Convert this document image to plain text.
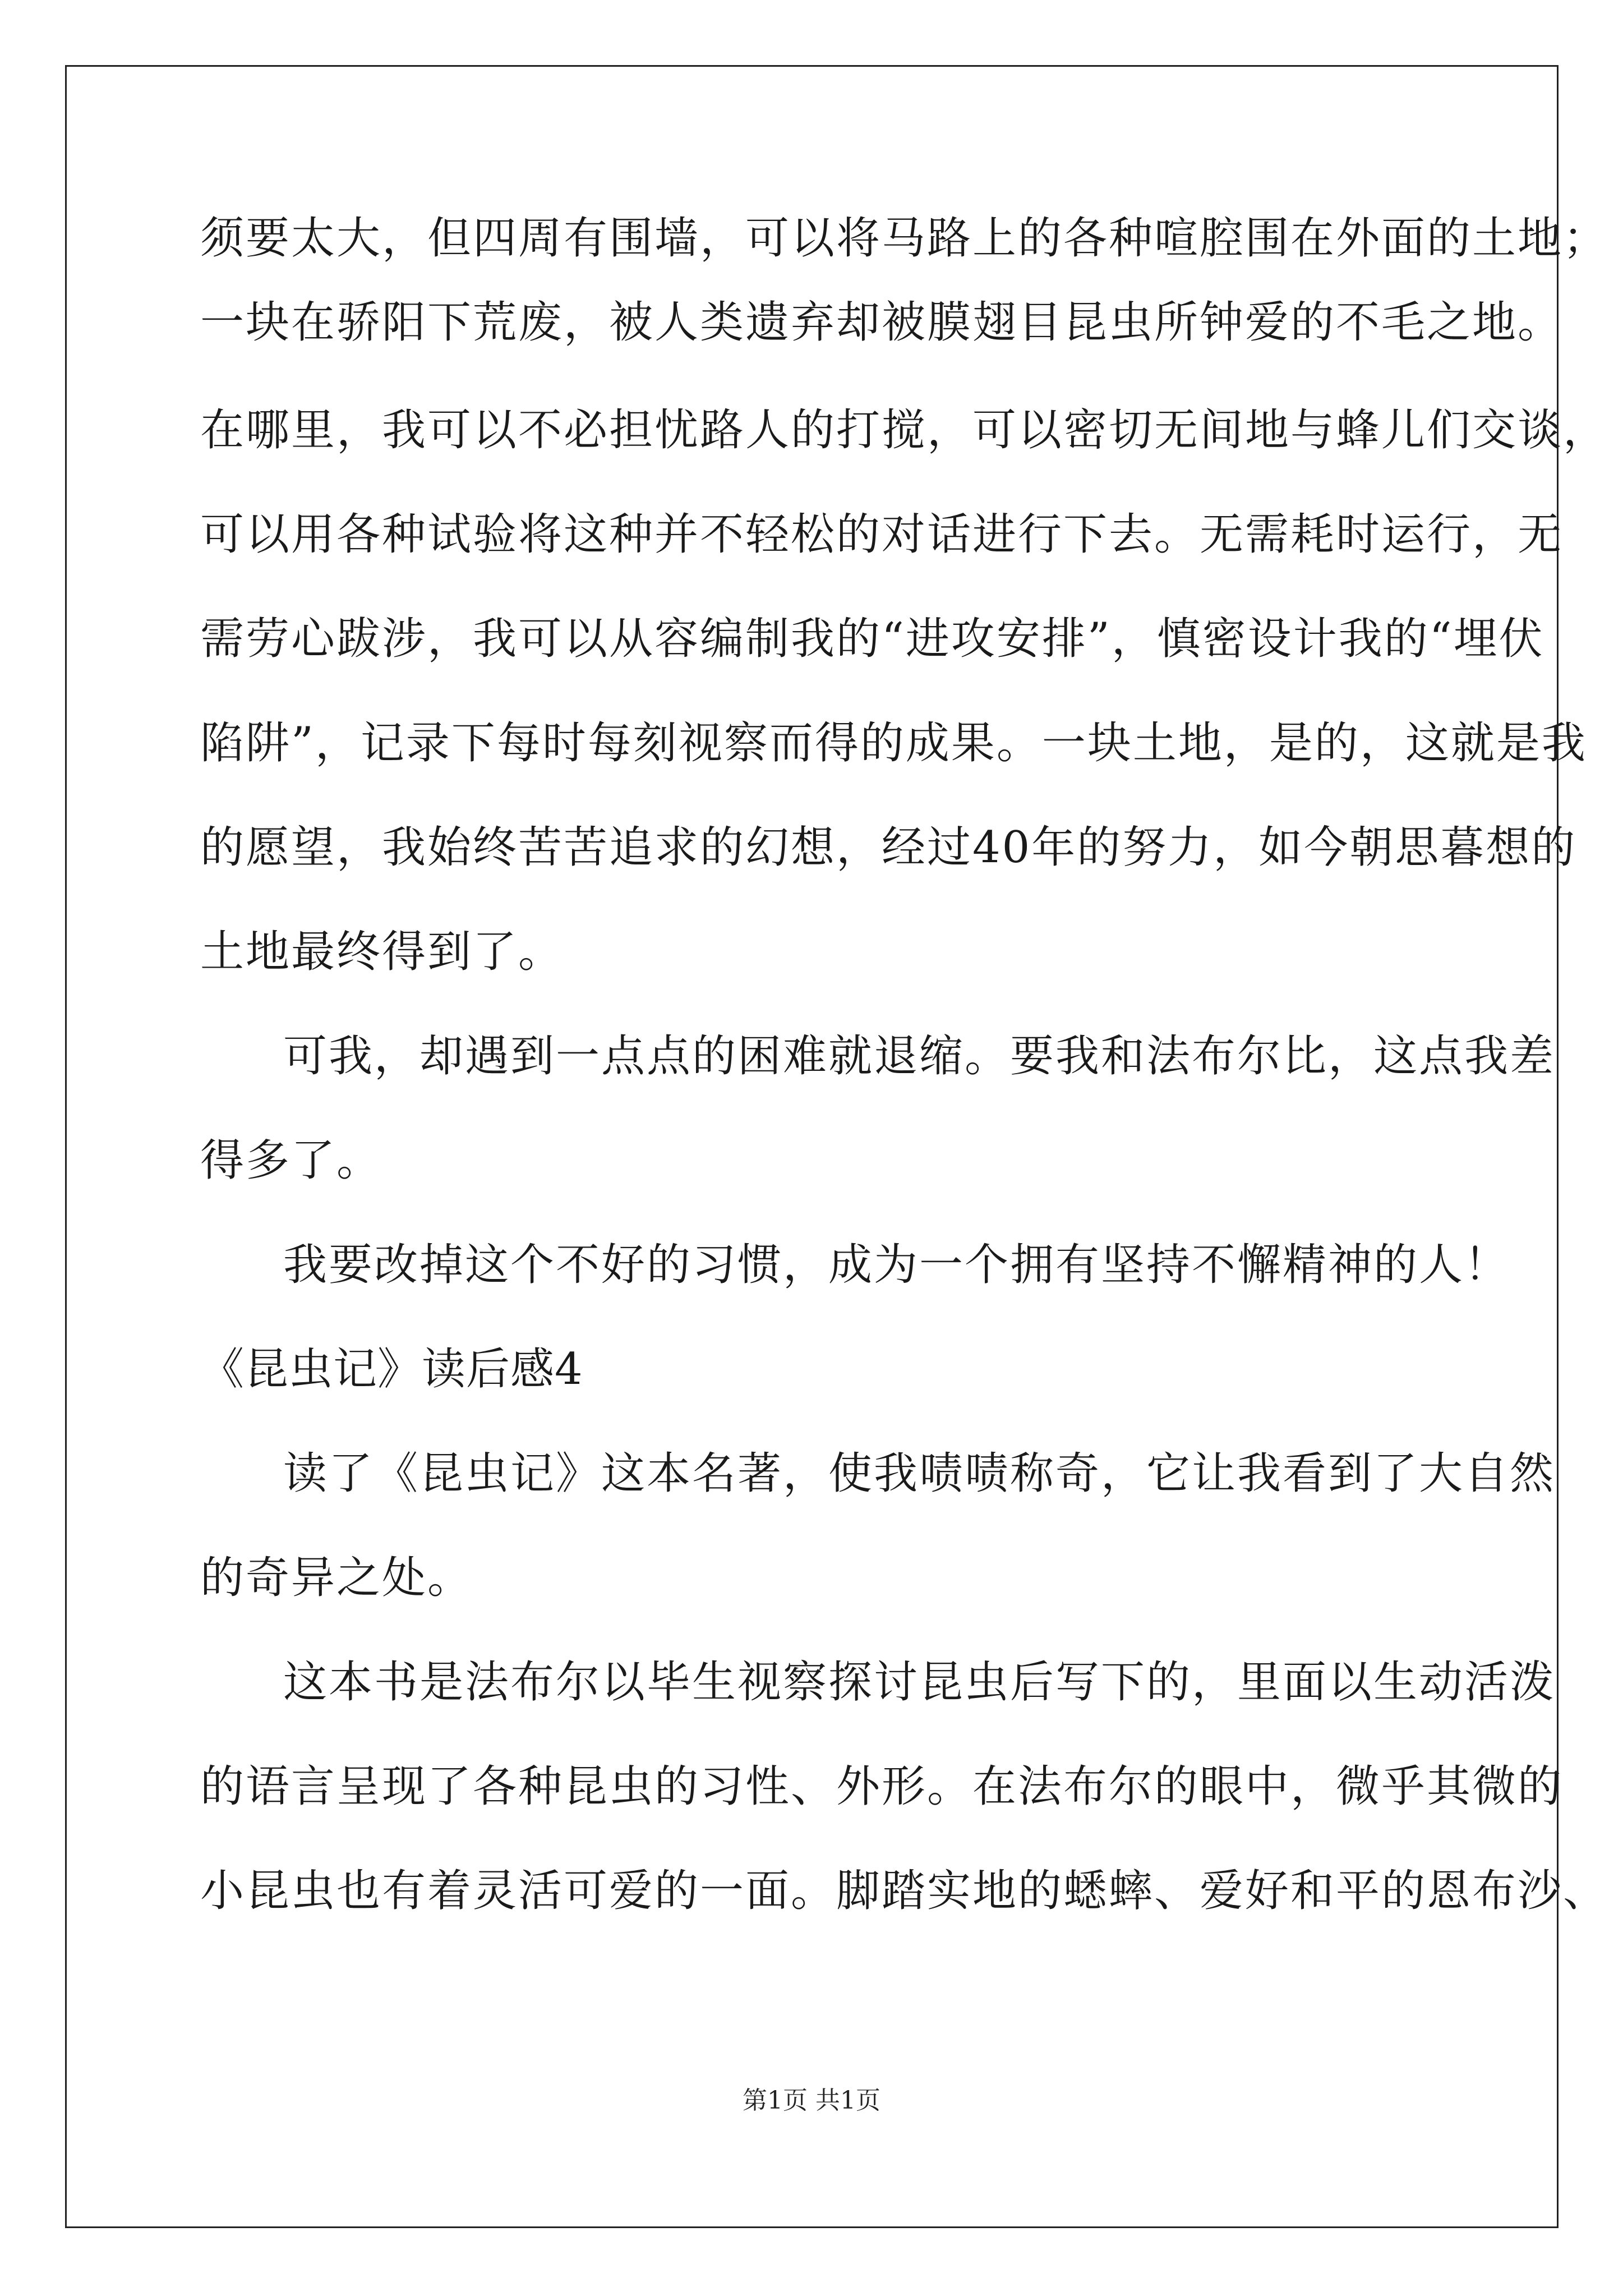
须要太大，但四周有围墙，可以将马路上的各种喧腔围在外面的土地；
一块在骄阳下荒废，被人类遗弃却被膜翅目昆虫所钟爱的不毛之地。
在哪里，我可以不必担忧路人的打搅，可以密切无间地与蜂儿们交谈，
可以用各种试验将这种并不轻松的对话进行下去。无需耗时运行，无
需劳心跋涉，我可以从容编制我的“进攻安排”，慎密设计我的“埋伏
陷阱”，记录下每时每刻视察而得的成果。一块土地，是的，这就是我
的愿望，我始终苦苦追求的幻想，经过40年的努力，如今朝思暮想的
土地最终得到了。
可我，却遇到一点点的困难就退缩。要我和法布尔比，这点我差
得多了。
我要改掉这个不好的习惯，成为一个拥有坚持不懈精神的人！
《昆虫记》读后感4
读了《昆虫记》这本名著，使我啧啧称奇，它让我看到了大自然
的奇异之处。
这本书是法布尔以毕生视察探讨昆虫后写下的，里面以生动活泼
的语言呈现了各种昆虫的习性、外形。在法布尔的眼中，微乎其微的
小昆虫也有着灵活可爱的一面。脚踏实地的蟋蟀、爱好和平的恩布沙、
第1页 共1页
